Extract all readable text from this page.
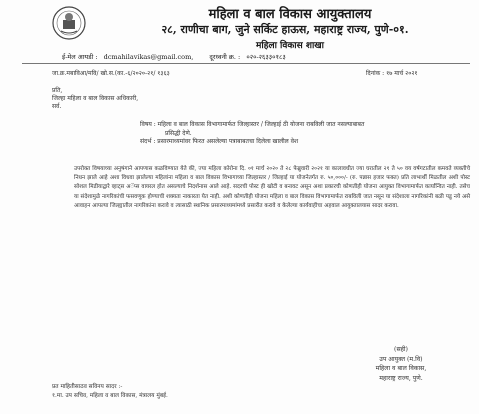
महिला व बाल विकास आयुक्तालय
२८, राणीचा बाग, जुने सर्किट हाऊस, महाराष्ट्र राज्य, पुणे-०१.
महिला विकास शाखा
ई-मेल आयडी : dcmahilavikas@gmail.com, दूरध्वनी क्र. : ०२०-२६३३०१८३
जा.क्र.मबाविआ/मवि/ खो.स.(का.-६/२०२०-२१/ १३६३	दिनांक : १७ मार्च २०२१
प्रति,
जिल्हा महिला व बाल विकास अधिकारी,
सर्व.
विषय : महिला व बाल विकास विभागामार्फत जिल्हास्तर / जिल्हाई ठी योजना राबविली जात नसल्याबाबत
प्रसिद्धी देणे.
संदर्भ : प्रसारमाध्यमांवर फिरत असलेल्या पत्राबाबतचा दिलेला खालील वेश
उपरोक्त विषयाच्या अनुषंगाने आपणास कळविण्यात येते की, ज्या महिला कोरोना दि. ०१ मार्च २०२० ते २८ फेब्रुवारी २०२१ या कालावधीत ज्या घरातील २१ ते ५० वय वर्षगटातील कमवते व्यक्तीचे निधन झाले आहे अशा विधवा झालेल्या महिलांना महिला व बाल विकास विभागाच्या जिल्हास्तर / जिल्हाई या योजनेतर्गत रु. ५०,०००/- (रु. पन्नास हजार फक्त) प्रति लाभार्थी मिळतील अशी पोस्ट सोशल मिडीयाद्वारे व्हाट्स अॅप्स वायरल होत असल्याचे निदर्शनास आले आहे. सदरची पोस्ट ही खोटी व बनावट असून अशा प्रकारची कोणतीही योजना आयुक्त विभागामार्फत कार्यान्वित नाही. तसेच या संदेशामुळे नागरिकांची फसवणूक होण्याची शक्यता नाकारता येत नाही. अशी कोणतीही योजना महिला व बाल विकास विभागामार्फत राबविली जात नसून या संदेशाला नागरिकांनी बळी पडू नये असे आवाहन आपल्या जिल्ह्यातील नागरिकांना करावे व त्यासाठी स्थानिक प्रसारमाध्यमांमध्ये प्रसारीत करावे व केलेल्या कार्यवाहीचा अहवाल आयुक्तालयास सादर करावा.
(सही)
उप आयुक्त (म.वि)
महिला व बाल विकास,
महाराष्ट्र राज्य, पुणे.
प्रत माहितीसाठव सविनय सादर :-
१.मा. उप सचिव, महिला व बाल विकास, मंत्रालय मुंबई.
